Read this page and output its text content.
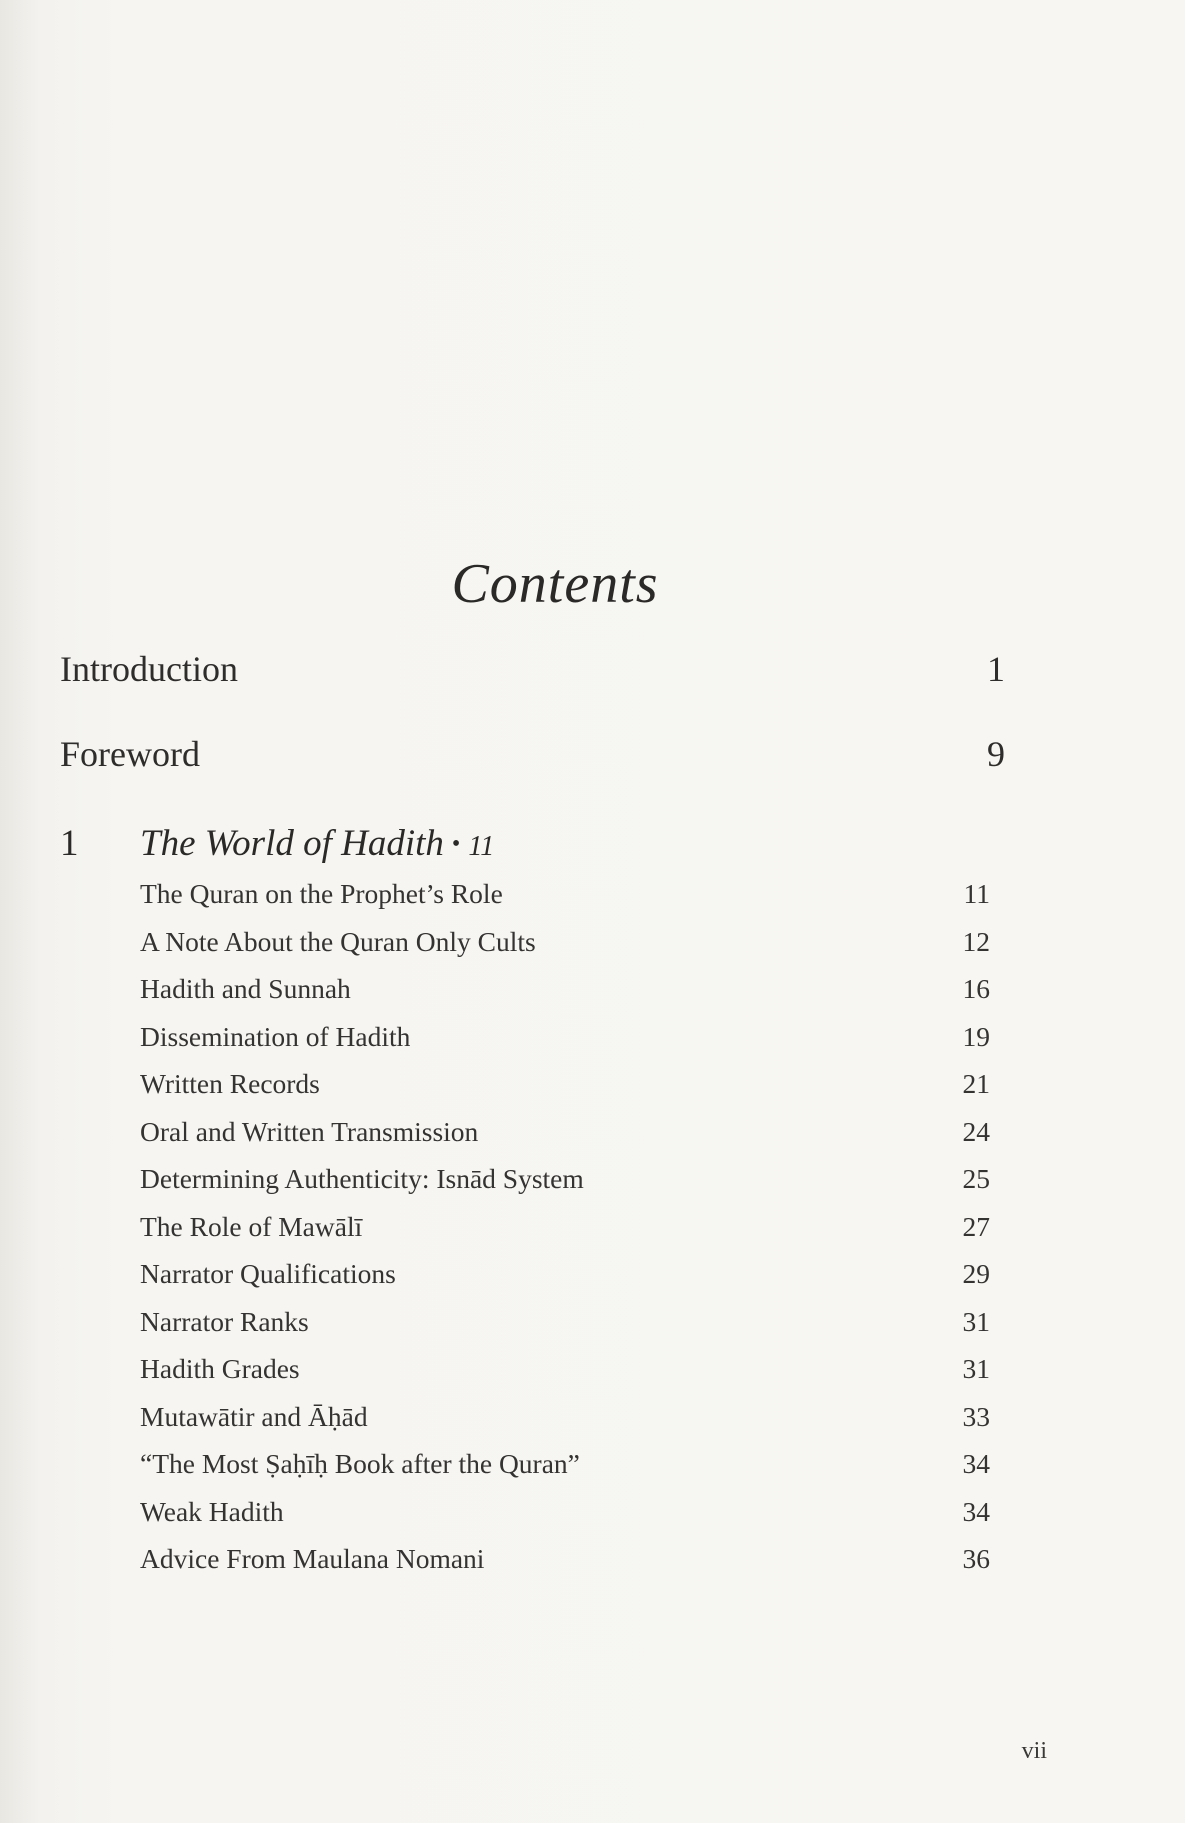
Contents
Introduction	1
Foreword	9
1 The World of Hadith • 11
The Quran on the Prophet’s Role	11
A Note About the Quran Only Cults	12
Hadith and Sunnah	16
Dissemination of Hadith	19
Written Records	21
Oral and Written Transmission	24
Determining Authenticity: Isnād System	25
The Role of Mawālī	27
Narrator Qualifications	29
Narrator Ranks	31
Hadith Grades	31
Mutawātir and Āḥād	33
“The Most Ṣaḥīḥ Book after the Quran”	34
Weak Hadith	34
Advice From Maulana Nomani	36
vii
